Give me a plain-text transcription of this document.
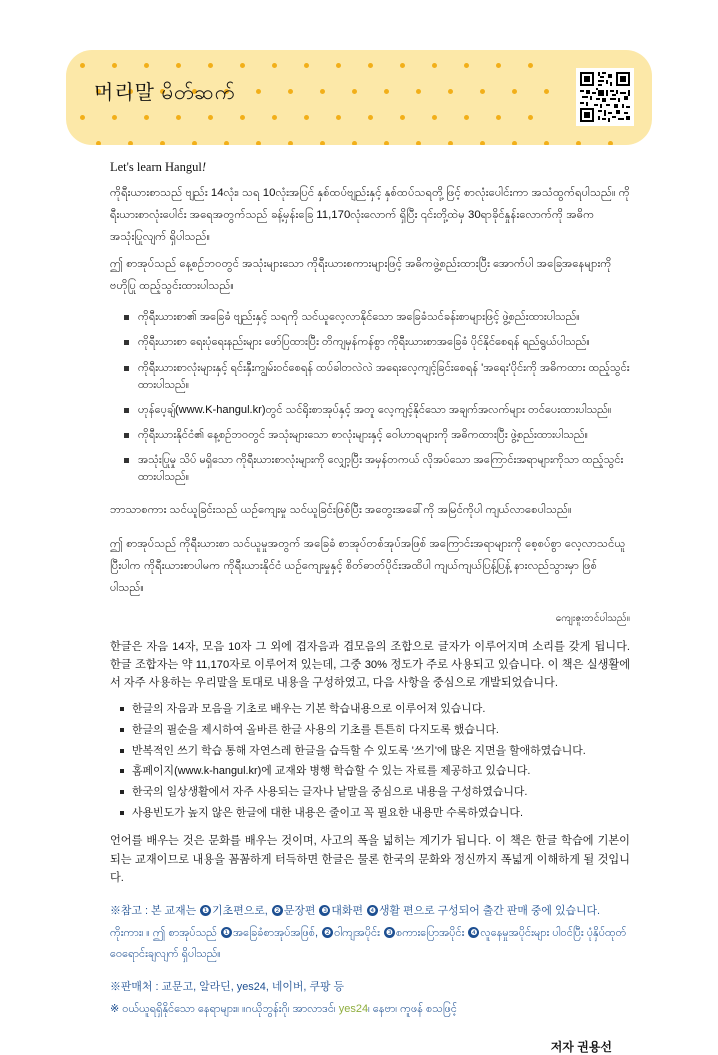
머리말 မိတ်ဆက်
Let's learn Hangul!

ကိုရီးယားစာသည် ဗျည်း 14လုံး၊ သရ 10လုံးအပြင် နှစ်ထပ်ဗျည်းနှင့် နှစ်ထပ်သရတို့ဖြင့် စာလုံးပေါင်းကာ အသံထွက်ရပါသည်။ ကိုရီးယားစာလုံးပေါင်း အရေအတွက်သည် ခန့်မှန်းခြေ 11,170လုံးလောက် ရှိပြီး ၎င်းတို့ထဲမှ 30ရာခိုင်နှုန်းလောက်ကို အဓိက အသုံးပြုလျက် ရှိပါသည်။

ဤ စာအုပ်သည် နေ့စဉ်ဘဝတွင် အသုံးများသော ကိုရီးယားစကားများဖြင့် အဓိကဖွဲ့စည်းထားပြီး အောက်ပါ အခြေအနေများကို ဗဟိုပြု ထည့်သွင်းထားပါသည်။

ကိုရီးယားစာ၏ အခြေခံ ဗျည်းနှင့် သရကို သင်ယူလေ့လာနိုင်သော အခြေခံသင်ခန်းစာများဖြင့် ဖွဲ့စည်းထားပါသည်။
ကိုရီးယားစာ ရေးပုံရေးနည်းများ ဖော်ပြထားပြီး တိကျမှန်ကန်စွာ ကိုရီးယားစာအခြေခံ ပိုင်နိုင်စေရန် ရည်ရွယ်ပါသည်။
ကိုရီးယားစာလုံးများနှင့် ရင်းနှီးကျွမ်းဝင်စေရန် ထပ်ခါတလဲလဲ အရေးလေ့ကျင့်ခြင်းစေရန် 'အရေး'ပိုင်းကို အဓိကထား ထည့်သွင်းထားပါသည်။
ဟုန်ပေ့ချ်(www.K-hangul.kr)တွင် သင်ရိုးစာအုပ်နှင့် အတူ လေ့ကျင့်နိုင်သော အချက်အလက်များ တင်ပေးထားပါသည်။
ကိုရီးယားနိုင်ငံ၏ နေ့စဉ်ဘဝတွင် အသုံးများသော စာလုံးများနှင့် ဝေါဟာရများကို အဓိကထားပြီး ဖွဲ့စည်းထားပါသည်။
အသုံးပြုမှု သိပ် မရှိသော ကိုရီးယားစာလုံးများကို လျှော့ပြီး အမှန်တကယ် လိုအပ်သော အကြောင်းအရာများကိုသာ ထည့်သွင်းထားပါသည်။

ဘာသာစကား သင်ယူခြင်းသည် ယဉ်ကျေးမှု သင်ယူခြင်းဖြစ်ပြီး အတွေးအခေါ်ကို အမြင်ကိုပါ ကျယ်လာစေပါသည်။

ဤ စာအုပ်သည် ကိုရီးယားစာ သင်ယူမှုအတွက် အခြေခံ စာအုပ်တစ်အုပ်အဖြစ် အကြောင်းအရာများကို စေ့စပ်စွာ လေ့လာသင်ယူပြီးပါက ကိုရီးယားစာပါမက ကိုရီးယားနိုင်ငံ ယဉ်ကျေးမှုနှင့် စိတ်ဓာတ်ပိုင်းအထိပါ ကျယ်ကျယ်ပြန့်ပြန့် နားလည်သွားမှာ ဖြစ်ပါသည်။

ကျေးဇူးတင်ပါသည်။

한글은 자음 14자, 모음 10자 그 외에 겹자음과 겹모음의 조합으로 글자가 이루어지며 소리를 갖게 됩니다. 한글 조합자는 약 11,170자로 이루어져 있는데, 그중 30% 정도가 주로 사용되고 있습니다. 이 책은 실생활에서 자주 사용하는 우리말을 토대로 내용을 구성하였고, 다음 사항을 중심으로 개발되었습니다.

한글의 자음과 모음을 기초로 배우는 기본 학습내용으로 이루어져 있습니다.
한글의 필순을 제시하여 올바른 한글 사용의 기초를 튼튼히 다지도록 했습니다.
반복적인 쓰기 학습 통해 자연스레 한글을 습득할 수 있도록 '쓰기'에 많은 지면을 할애하였습니다.
홈페이지(www.k-hangul.kr)에 교재와 병행 학습할 수 있는 자료를 제공하고 있습니다.
한국의 일상생활에서 자주 사용되는 글자나 낱말을 중심으로 내용을 구성하였습니다.
사용빈도가 높지 않은 한글에 대한 내용은 줄이고 꼭 필요한 내용만 수록하였습니다.

언어를 배우는 것은 문화를 배우는 것이며, 사고의 폭을 넓히는 계기가 됩니다. 이 책은 한글 학습에 기본이 되는 교재이므로 내용을 꼼꼼하게 터득하면 한글은 물론 한국의 문화와 정신까지 폭넓게 이해하게 될 것입니다.

※참고 : 본 교재는 ❶ 기초편으로, ❷ 문장편 ❸ 대화편 ❹ 생활 편으로 구성되어 출간 판매 중에 있습니다.
ကိုးကား၊ ။ ဤ စာအုပ်သည် ❶ အခြေခံစာအုပ်အဖြစ်, ❷ ဝါကျအပိုင်း ❸ စကားပြောအပိုင်း ❹ လူနေမှုအပိုင်းများ ပါဝင်ပြီး ပုံနှိပ်ထုတ်ဝေရောင်းချလျက် ရှိပါသည်။
※판매처 : 교문고, 알라딘, yes24, 네이버, 쿠팡 등
※ ဝယ်ယူရရှိနိုင်သော နေရာများ။ ။ဂယိုဘွန်းဂို၊ အာလာဒင်၊ yes24၊ နေဗာ၊ ကူဖန် စသဖြင့်
저자 권용선
